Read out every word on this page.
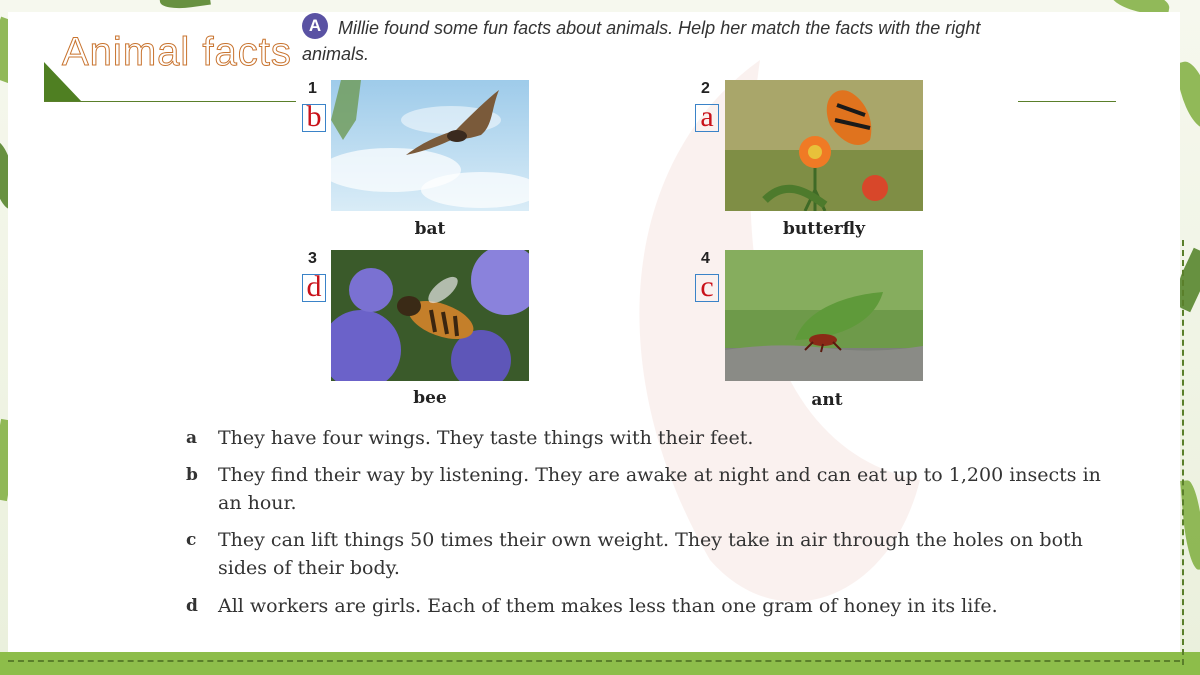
Animal facts
Millie found some fun facts about animals. Help her match the facts with the right animals.
A
1
b
bat
2
a
butterfly
3
d
bee
4
c
ant
a	They have four wings. They taste things with their feet.
b	They find their way by listening. They are awake at night and can eat up to 1,200 insects in an hour.
c	They can lift things 50 times their own weight. They take in air through the holes on both sides of their body.
d	All workers are girls. Each of them makes less than one gram of honey in its life.
